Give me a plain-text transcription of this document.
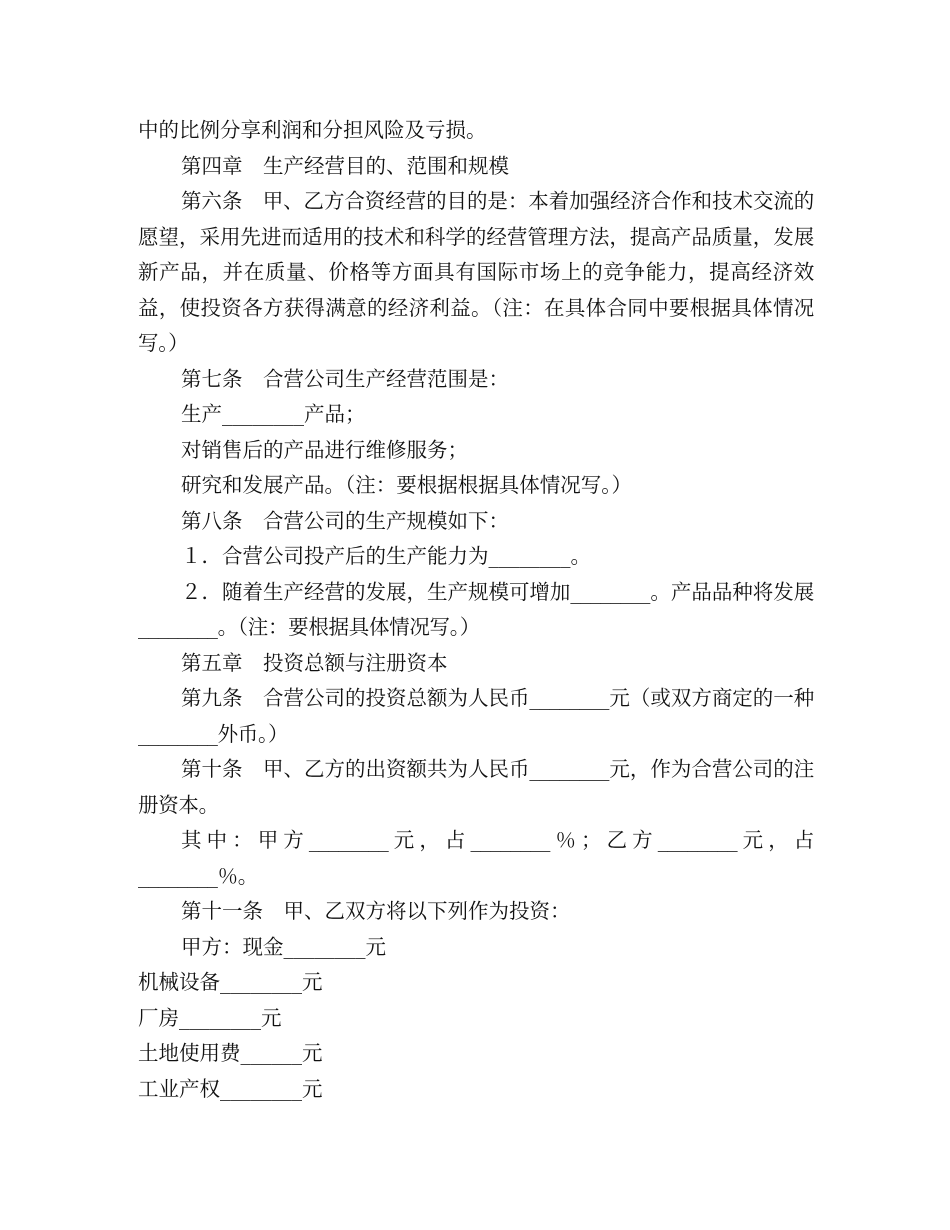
中的比例分享利润和分担风险及亏损。

第四章　生产经营目的、范围和规模

第六条　甲、乙方合资经营的目的是：本着加强经济合作和技术交流的愿望，采用先进而适用的技术和科学的经营管理方法，提高产品质量，发展新产品，并在质量、价格等方面具有国际市场上的竞争能力，提高经济效益，使投资各方获得满意的经济利益。（注：在具体合同中要根据具体情况写。）

第七条　合营公司生产经营范围是：

生产________产品；

对销售后的产品进行维修服务；

研究和发展产品。（注：要根据根据具体情况写。）

第八条　合营公司的生产规模如下：

１．合营公司投产后的生产能力为________。

２．随着生产经营的发展，生产规模可增加________。产品品种将发展________。（注：要根据具体情况写。）

第五章　投资总额与注册资本

第九条　合营公司的投资总额为人民币________元（或双方商定的一种________外币。）

第十条　甲、乙方的出资额共为人民币________元，作为合营公司的注册资本。

其中：甲方________元，占________％；乙方________元，占________％。

第十一条　甲、乙双方将以下列作为投资：

甲方：现金________元

机械设备________元

厂房________元

土地使用费______元

工业产权________元
